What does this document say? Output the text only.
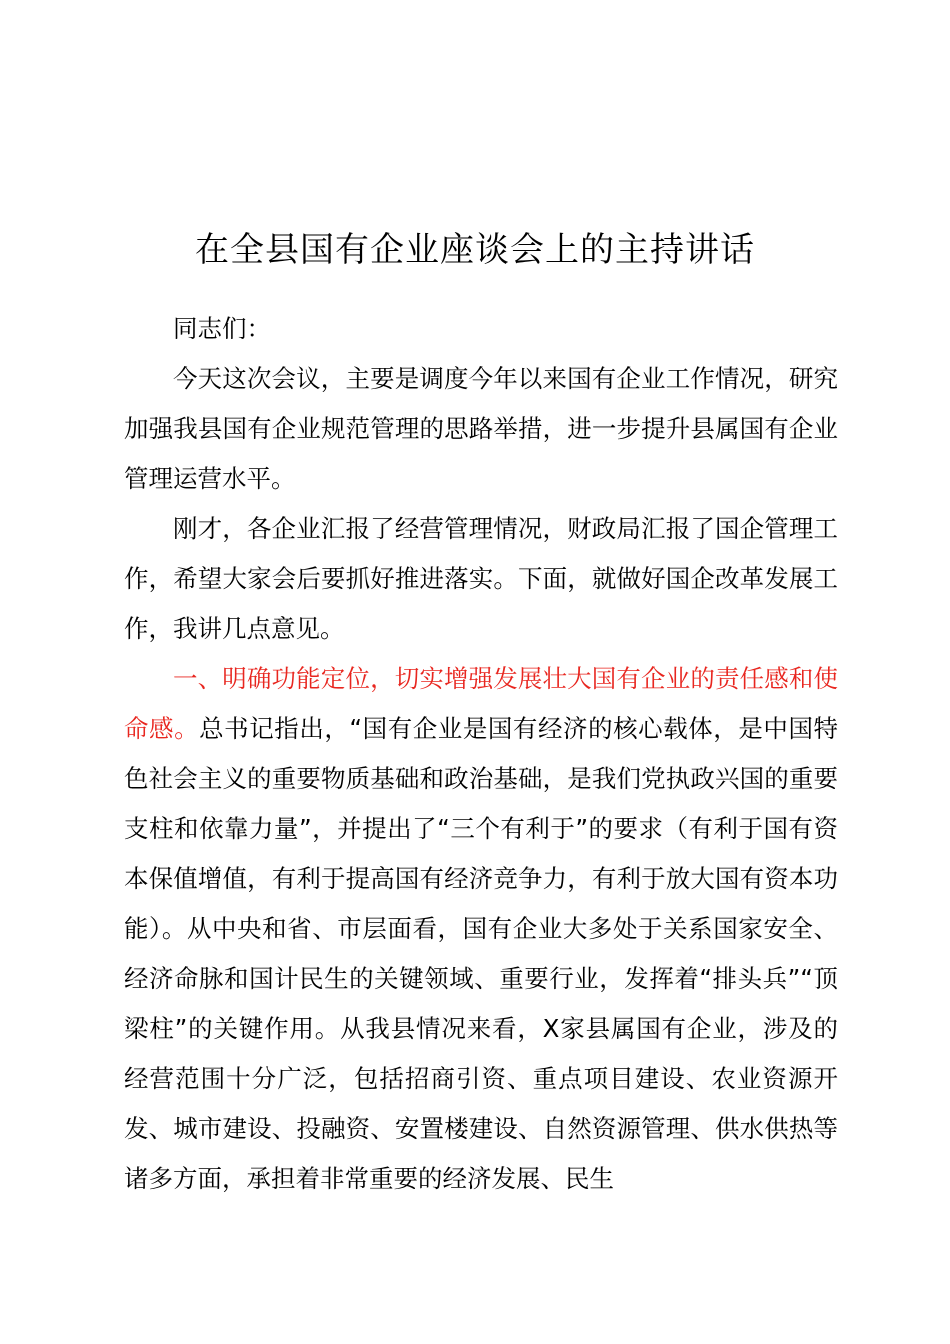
在全县国有企业座谈会上的主持讲话

同志们：

今天这次会议，主要是调度今年以来国有企业工作情况，研究加强我县国有企业规范管理的思路举措，进一步提升县属国有企业管理运营水平。

刚才，各企业汇报了经营管理情况，财政局汇报了国企管理工作，希望大家会后要抓好推进落实。下面，就做好国企改革发展工作，我讲几点意见。

一、明确功能定位，切实增强发展壮大国有企业的责任感和使命感。总书记指出，“国有企业是国有经济的核心载体，是中国特色社会主义的重要物质基础和政治基础，是我们党执政兴国的重要支柱和依靠力量”，并提出了“三个有利于”的要求（有利于国有资本保值增值，有利于提高国有经济竞争力，有利于放大国有资本功能）。从中央和省、市层面看，国有企业大多处于关系国家安全、经济命脉和国计民生的关键领域、重要行业，发挥着“排头兵”“顶梁柱”的关键作用。从我县情况来看，X家县属国有企业，涉及的经营范围十分广泛，包括招商引资、重点项目建设、农业资源开发、城市建设、投融资、安置楼建设、自然资源管理、供水供热等诸多方面，承担着非常重要的经济发展、民生
